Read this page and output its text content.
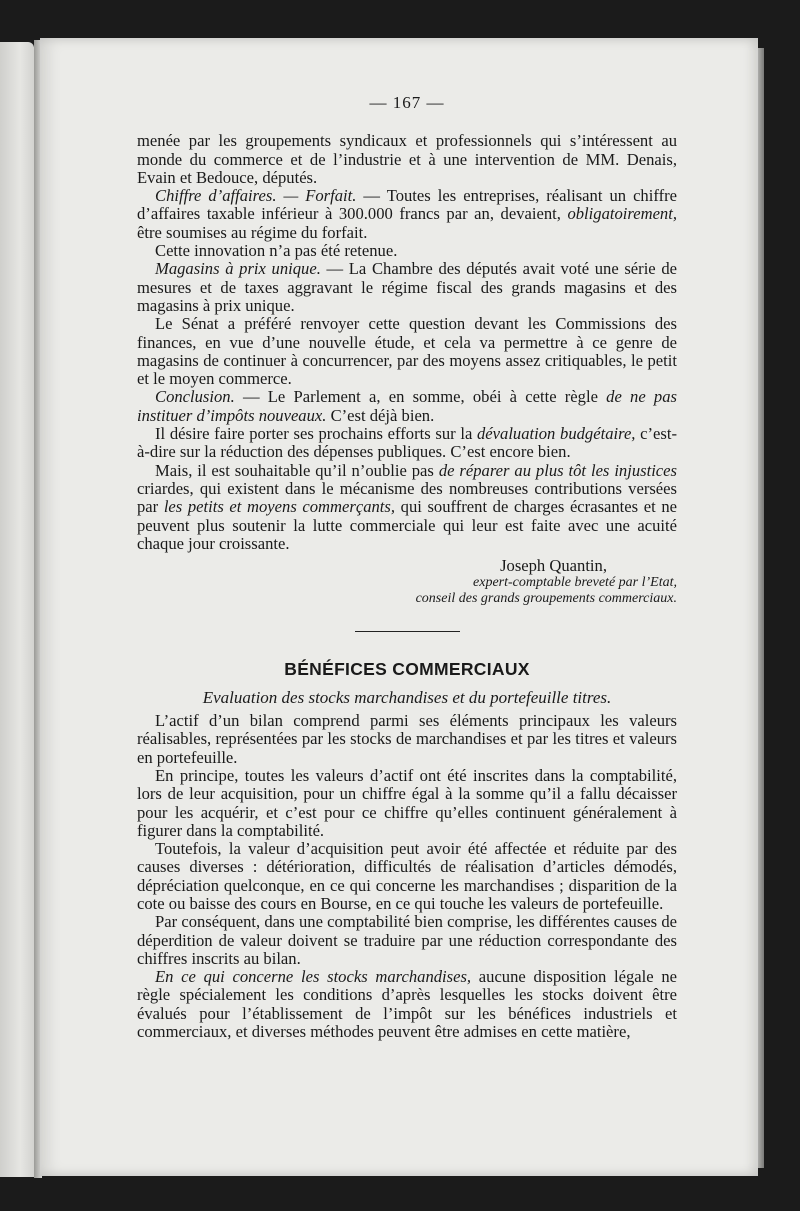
— 167 —

menée par les groupements syndicaux et professionnels qui s’intéressent au monde du commerce et de l’industrie et à une intervention de MM. Denais, Evain et Bedouce, députés.

Chiffre d’affaires. — Forfait. — Toutes les entreprises, réalisant un chiffre d’affaires taxable inférieur à 300.000 francs par an, devaient, obligatoirement, être soumises au régime du forfait.

Cette innovation n’a pas été retenue.

Magasins à prix unique. — La Chambre des députés avait voté une série de mesures et de taxes aggravant le régime fiscal des grands magasins et des magasins à prix unique.

Le Sénat a préféré renvoyer cette question devant les Commissions des finances, en vue d’une nouvelle étude, et cela va permettre à ce genre de magasins de continuer à concurrencer, par des moyens assez critiquables, le petit et le moyen commerce.

Conclusion. — Le Parlement a, en somme, obéi à cette règle de ne pas instituer d’impôts nouveaux. C’est déjà bien.

Il désire faire porter ses prochains efforts sur la dévaluation budgétaire, c’est-à-dire sur la réduction des dépenses publiques. C’est encore bien.

Mais, il est souhaitable qu’il n’oublie pas de réparer au plus tôt les injustices criardes, qui existent dans le mécanisme des nombreuses contributions versées par les petits et moyens commerçants, qui souffrent de charges écrasantes et ne peuvent plus soutenir la lutte commerciale qui leur est faite avec une acuité chaque jour croissante.

Joseph Quantin,

expert-comptable breveté par l’Etat,

conseil des grands groupements commerciaux.

BÉNÉFICES COMMERCIAUX
Evaluation des stocks marchandises et du portefeuille titres.

L’actif d’un bilan comprend parmi ses éléments principaux les valeurs réalisables, représentées par les stocks de marchandises et par les titres et valeurs en portefeuille.

En principe, toutes les valeurs d’actif ont été inscrites dans la comptabilité, lors de leur acquisition, pour un chiffre égal à la somme qu’il a fallu décaisser pour les acquérir, et c’est pour ce chiffre qu’elles continuent généralement à figurer dans la comptabilité.

Toutefois, la valeur d’acquisition peut avoir été affectée et réduite par des causes diverses : détérioration, difficultés de réalisation d’articles démodés, dépréciation quelconque, en ce qui concerne les marchandises ; disparition de la cote ou baisse des cours en Bourse, en ce qui touche les valeurs de portefeuille.

Par conséquent, dans une comptabilité bien comprise, les différentes causes de déperdition de valeur doivent se traduire par une réduction correspondante des chiffres inscrits au bilan.

En ce qui concerne les stocks marchandises, aucune disposition légale ne règle spécialement les conditions d’après lesquelles les stocks doivent être évalués pour l’établissement de l’impôt sur les bénéfices industriels et commerciaux, et diverses méthodes peuvent être admises en cette matière,
